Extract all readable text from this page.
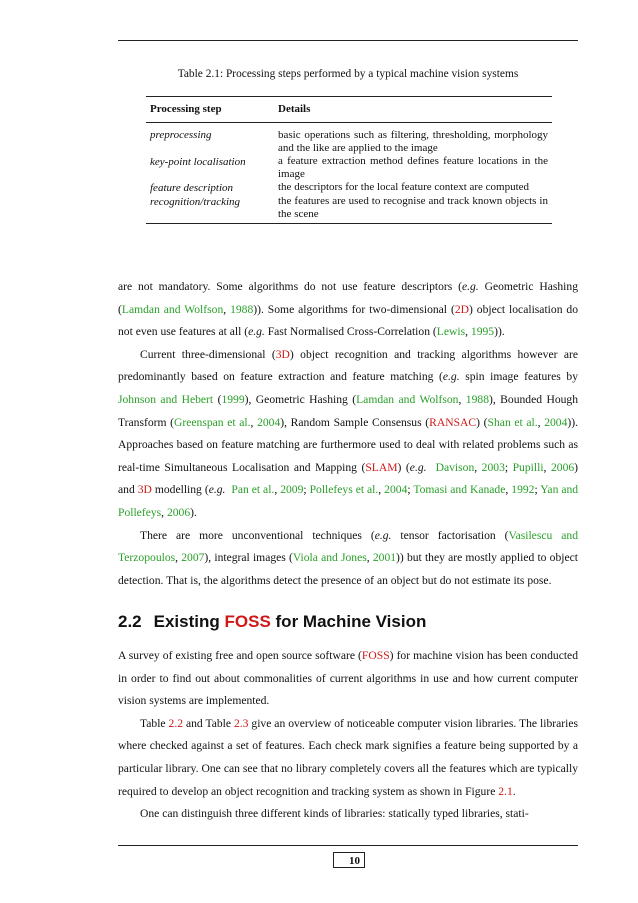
Table 2.1: Processing steps performed by a typical machine vision systems
Processing step	Details
preprocessing	basic operations such as filtering, thresholding, morphology and the like are applied to the image
key-point localisation	a feature extraction method defines feature locations in the image
feature description	the descriptors for the local feature context are computed
recognition/tracking	the features are used to recognise and track known objects in the scene

are not mandatory. Some algorithms do not use feature descriptors (e.g. Geometric Hashing (Lamdan and Wolfson, 1988)). Some algorithms for two-dimensional (2D) object localisation do not even use features at all (e.g. Fast Normalised Cross-Correlation (Lewis, 1995)).

Current three-dimensional (3D) object recognition and tracking algorithms however are predominantly based on feature extraction and feature matching (e.g. spin image features by Johnson and Hebert (1999), Geometric Hashing (Lamdan and Wolfson, 1988), Bounded Hough Transform (Greenspan et al., 2004), Random Sample Consensus (RANSAC) (Shan et al., 2004)). Approaches based on feature matching are furthermore used to deal with related problems such as real-time Simultaneous Localisation and Mapping (SLAM) (e.g. Davison, 2003; Pupilli, 2006) and 3D modelling (e.g. Pan et al., 2009; Pollefeys et al., 2004; Tomasi and Kanade, 1992; Yan and Pollefeys, 2006).

There are more unconventional techniques (e.g. tensor factorisation (Vasilescu and Terzopoulos, 2007), integral images (Viola and Jones, 2001)) but they are mostly applied to object detection. That is, the algorithms detect the presence of an object but do not estimate its pose.

2.2 Existing FOSS for Machine Vision

A survey of existing free and open source software (FOSS) for machine vision has been conducted in order to find out about commonalities of current algorithms in use and how current computer vision systems are implemented.

Table 2.2 and Table 2.3 give an overview of noticeable computer vision libraries. The libraries where checked against a set of features. Each check mark signifies a feature being supported by a particular library. One can see that no library completely covers all the features which are typically required to develop an object recognition and tracking system as shown in Figure 2.1.

One can distinguish three different kinds of libraries: statically typed libraries, stati-

10
